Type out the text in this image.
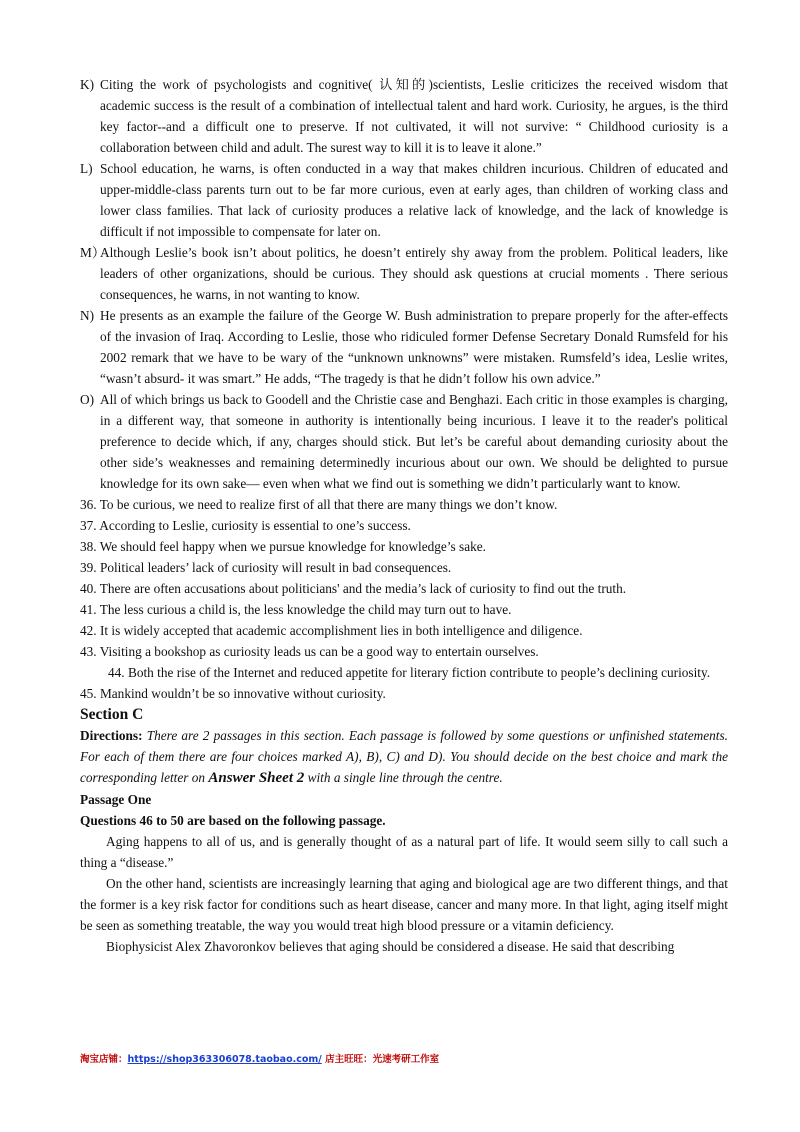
K) Citing the work of psychologists and cognitive( 认知的)scientists, Leslie criticizes the received wisdom that academic success is the result of a combination of intellectual talent and hard work. Curiosity, he argues, is the third key factor--and a difficult one to preserve. If not cultivated, it will not survive: “ Childhood curiosity is a collaboration between child and adult. The surest way to kill it is to leave it alone.”
L) School education, he warns, is often conducted in a way that makes children incurious. Children of educated and upper-middle-class parents turn out to be far more curious, even at early ages, than children of working class and lower class families. That lack of curiosity produces a relative lack of knowledge, and the lack of knowledge is difficult if not impossible to compensate for later on.
M）
Although Leslie’s book isn’t about politics, he doesn’t entirely shy away from the problem. Political leaders, like leaders of other organizations, should be curious. They should ask questions at crucial moments . There serious consequences, he warns, in not wanting to know.
N) He presents as an example the failure of the George W. Bush administration to prepare properly for the after-effects of the invasion of Iraq. According to Leslie, those who ridiculed former Defense Secretary Donald Rumsfeld for his 2002 remark that we have to be wary of the “unknown unknowns” were mistaken. Rumsfeld’s idea, Leslie writes, “wasn’t absurd- it was smart.” He adds, “The tragedy is that he didn’t follow his own advice.”
O) All of which brings us back to Goodell and the Christie case and Benghazi. Each critic in those examples is charging, in a different way, that someone in authority is intentionally being incurious. I leave it to the reader's political preference to decide which, if any, charges should stick. But let’s be careful about demanding curiosity about the other side’s weaknesses and remaining determinedly incurious about our own. We should be delighted to pursue knowledge for its own sake— even when what we find out is something we didn’t particularly want to know.

36. To be curious, we need to realize first of all that there are many things we don’t know.

37. According to Leslie, curiosity is essential to one’s success.

38. We should feel happy when we pursue knowledge for knowledge’s sake.

39. Political leaders’ lack of curiosity will result in bad consequences.

40. There are often accusations about politicians' and the media’s lack of curiosity to find out the truth.

41. The less curious a child is, the less knowledge the child may turn out to have.

42. It is widely accepted that academic accomplishment lies in both intelligence and diligence.

43. Visiting a bookshop as curiosity leads us can be a good way to entertain ourselves.

44. Both the rise of the Internet and reduced appetite for literary fiction contribute to people’s declining curiosity.

45. Mankind wouldn’t be so innovative without curiosity.

Section C

Directions: There are 2 passages in this section. Each passage is followed by some questions or unfinished statements. For each of them there are four choices marked A), B), C) and D). You should decide on the best choice and mark the corresponding letter on Answer Sheet 2 with a single line through the centre.

Passage One

Questions 46 to 50 are based on the following passage.

Aging happens to all of us, and is generally thought of as a natural part of life. It would seem silly to call such a thing a “disease.”

On the other hand, scientists are increasingly learning that aging and biological age are two different things, and that the former is a key risk factor for conditions such as heart disease, cancer and many more. In that light, aging itself might be seen as something treatable, the way you would treat high blood pressure or a vitamin deficiency.

Biophysicist Alex Zhavoronkov believes that aging should be considered a disease. He said that describing

淘宝店铺：https://shop363306078.taobao.com/ 店主旺旺：光速考研工作室
